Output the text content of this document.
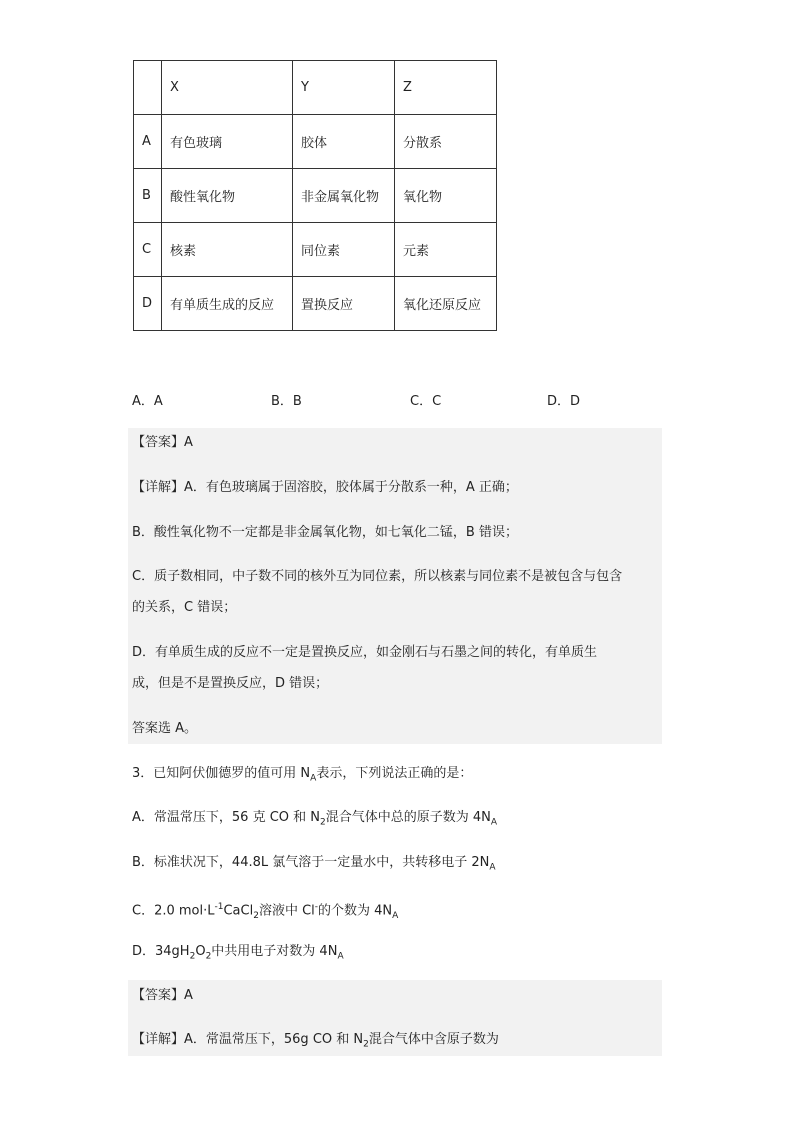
	X	Y	Z
A	有色玻璃	胶体	分散系
B	酸性氧化物	非金属氧化物	氧化物
C	核素	同位素	元素
D	有单质生成的反应	置换反应	氧化还原反应
A．A	B．B	C．C	D．D
【答案】A
【详解】A．有色玻璃属于固溶胶，胶体属于分散系一种，A 正确；
B．酸性氧化物不一定都是非金属氧化物，如七氧化二锰，B 错误；
C．质子数相同，中子数不同的核外互为同位素，所以核素与同位素不是被包含与包含
的关系，C 错误；
D．有单质生成的反应不一定是置换反应，如金刚石与石墨之间的转化，有单质生
成，但是不是置换反应，D 错误；
答案选 A。
3．已知阿伏伽德罗的值可用 $N_A$表示，下列说法正确的是：
A．常温常压下，56 克 CO 和 $N_2$混合气体中总的原子数为 $4N_A$
B．标准状况下，44.8L 氯气溶于一定量水中，共转移电子 $2N_A$
C．2.0 $mol\cdot L^{-1}CaCl_2$溶液中 Cl-的个数为 $4N_A$
D．$34gH_2O_2$中共用电子对数为 $4N_A$
【答案】A
【详解】A．常温常压下，56g CO 和 $N_2$混合气体中含原子数为
